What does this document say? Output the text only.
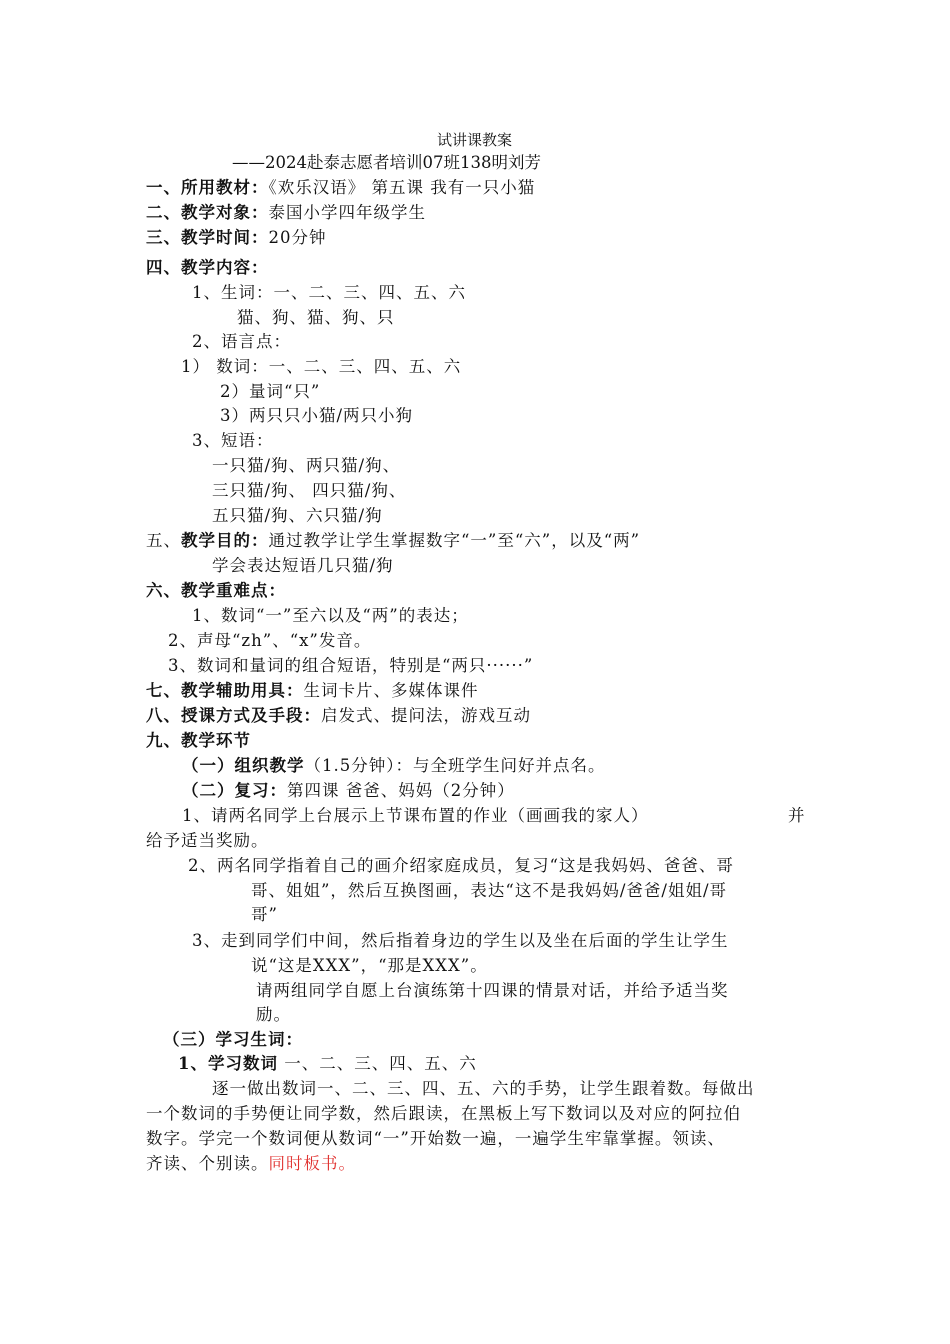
试讲课教案
——2024赴泰志愿者培训07班138明刘芳
一、所用教材：《欢乐汉语》 第五课 我有一只小猫
二、教学对象：泰国小学四年级学生
三、教学时间：20分钟
四、教学内容：
1、生词：一、二、三、四、五、六
猫、狗、猫、狗、只
2、语言点：
1） 数词：一、二、三、四、五、六
2）量词“只”
3）两只只小猫/两只小狗
3、短语：
一只猫/狗、两只猫/狗、
三只猫/狗、 四只猫/狗、
五只猫/狗、六只猫/狗
五、教学目的：通过教学让学生掌握数字“一”至“六”，以及“两”
学会表达短语几只猫/狗
六、教学重难点：
1、数词“一”至六以及“两”的表达；
2、声母“zh”、“x”发音。
3、数词和量词的组合短语，特别是“两只······”
七、教学辅助用具：生词卡片、多媒体课件
八、授课方式及手段：启发式、提问法，游戏互动
九、教学环节
（一）组织教学（1.5分钟）：与全班学生问好并点名。
（二）复习：第四课 爸爸、妈妈（2分钟）
1、请两名同学上台展示上节课布置的作业（画画我的家人）	并
给予适当奖励。
2、两名同学指着自己的画介绍家庭成员，复习“这是我妈妈、爸爸、哥
哥、姐姐”，然后互换图画，表达“这不是我妈妈/爸爸/姐姐/哥
哥”
3、走到同学们中间，然后指着身边的学生以及坐在后面的学生让学生
说“这是XXX”，“那是XXX”。
请两组同学自愿上台演练第十四课的情景对话，并给予适当奖
励。
（三）学习生词：
1、学习数词 一、二、三、四、五、六
逐一做出数词一、二、三、四、五、六的手势，让学生跟着数。每做出
一个数词的手势便让同学数，然后跟读，在黑板上写下数词以及对应的阿拉伯
数字。学完一个数词便从数词“一”开始数一遍，一遍学生牢靠掌握。领读、
齐读、个别读。同时板书。
